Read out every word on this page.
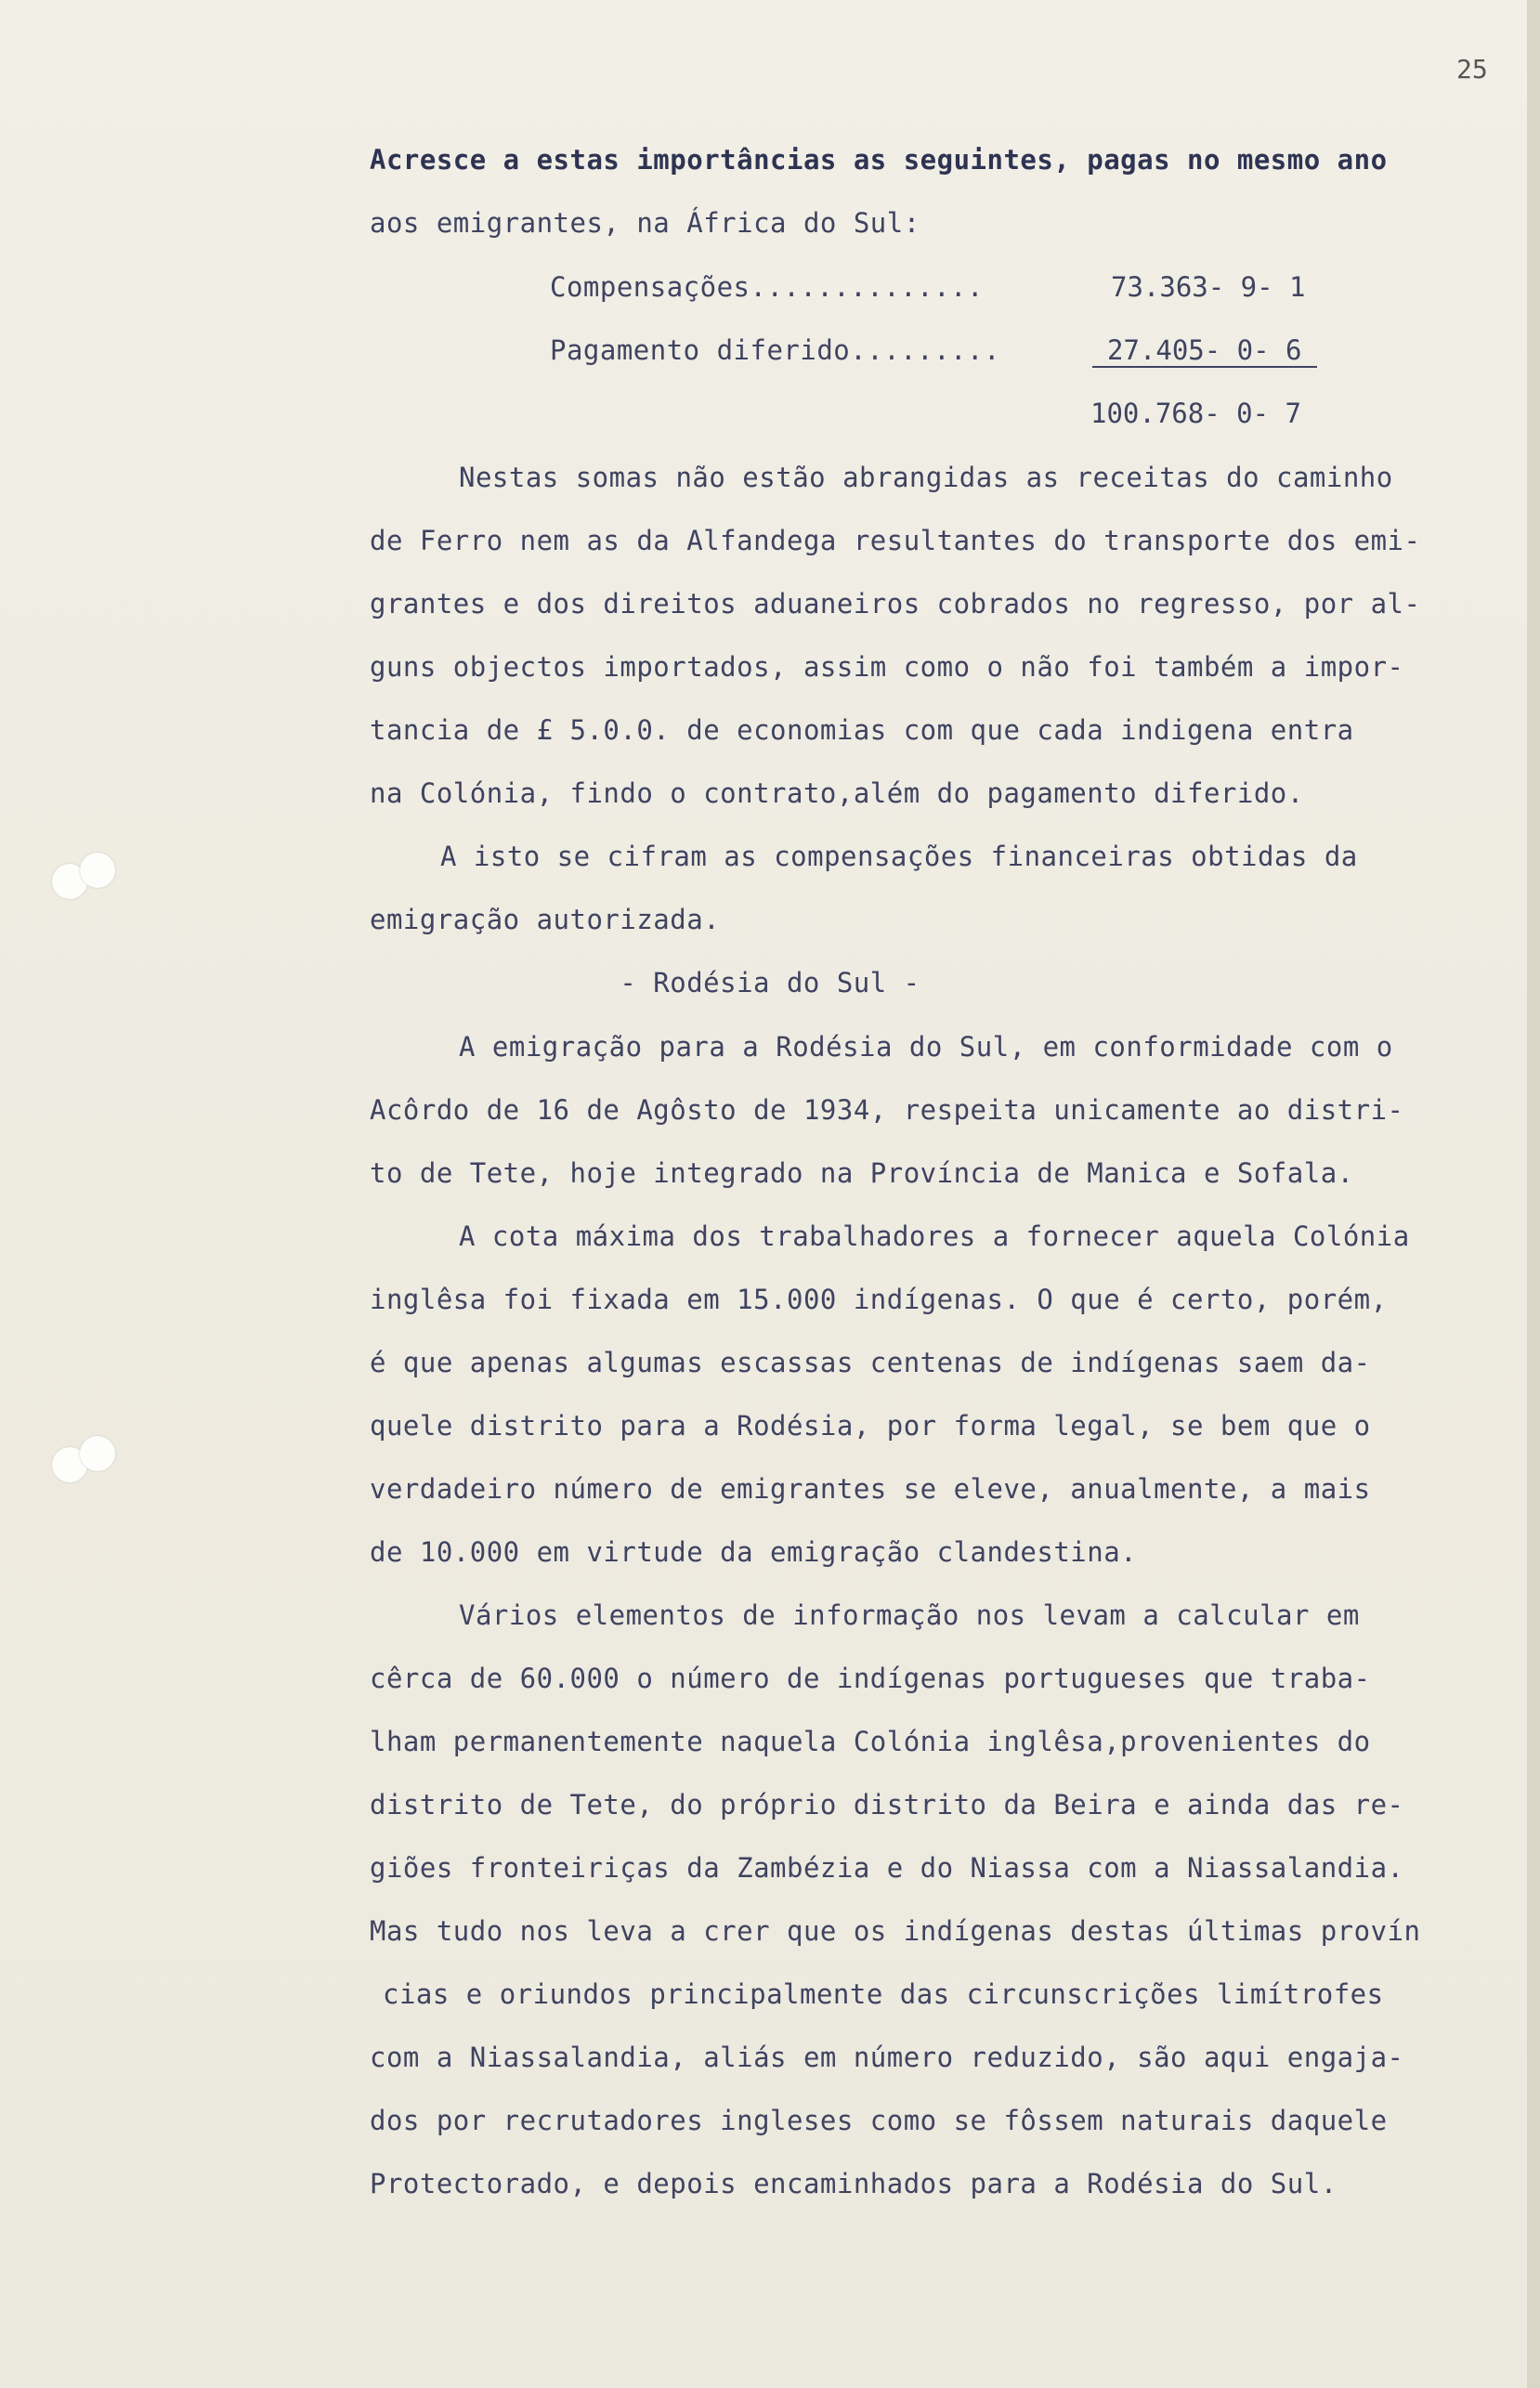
25
Acresce a estas importâncias as seguintes, pagas no mesmo ano
aos emigrantes, na África do Sul:
Compensações..............	73.363- 9- 1
Pagamento diferido.........	27.405- 0- 6
100.768- 0- 7
Nestas somas não estão abrangidas as receitas do caminho
de Ferro nem as da Alfandega resultantes do transporte dos emi-
grantes e dos direitos aduaneiros cobrados no regresso, por al-
guns objectos importados, assim como o não foi também a impor-
tancia de £ 5.0.0. de economias com que cada indigena entra
na Colónia, findo o contrato,além do pagamento diferido.
A isto se cifram as compensações financeiras obtidas da
emigração autorizada.
- Rodésia do Sul -
A emigração para a Rodésia do Sul, em conformidade com o
Acôrdo de 16 de Agôsto de 1934, respeita unicamente ao distri-
to de Tete, hoje integrado na Província de Manica e Sofala.
A cota máxima dos trabalhadores a fornecer aquela Colónia
inglêsa foi fixada em 15.000 indígenas. O que é certo, porém,
é que apenas algumas escassas centenas de indígenas saem da-
quele distrito para a Rodésia, por forma legal, se bem que o
verdadeiro número de emigrantes se eleve, anualmente, a mais
de 10.000 em virtude da emigração clandestina.
Vários elementos de informação nos levam a calcular em
cêrca de 60.000 o número de indígenas portugueses que traba-
lham permanentemente naquela Colónia inglêsa,provenientes do
distrito de Tete, do próprio distrito da Beira e ainda das re-
giões fronteiriças da Zambézia e do Niassa com a Niassalandia.
Mas tudo nos leva a crer que os indígenas destas últimas provín
cias e oriundos principalmente das circunscrições limítrofes
com a Niassalandia, aliás em número reduzido, são aqui engaja-
dos por recrutadores ingleses como se fôssem naturais daquele
Protectorado, e depois encaminhados para a Rodésia do Sul.
